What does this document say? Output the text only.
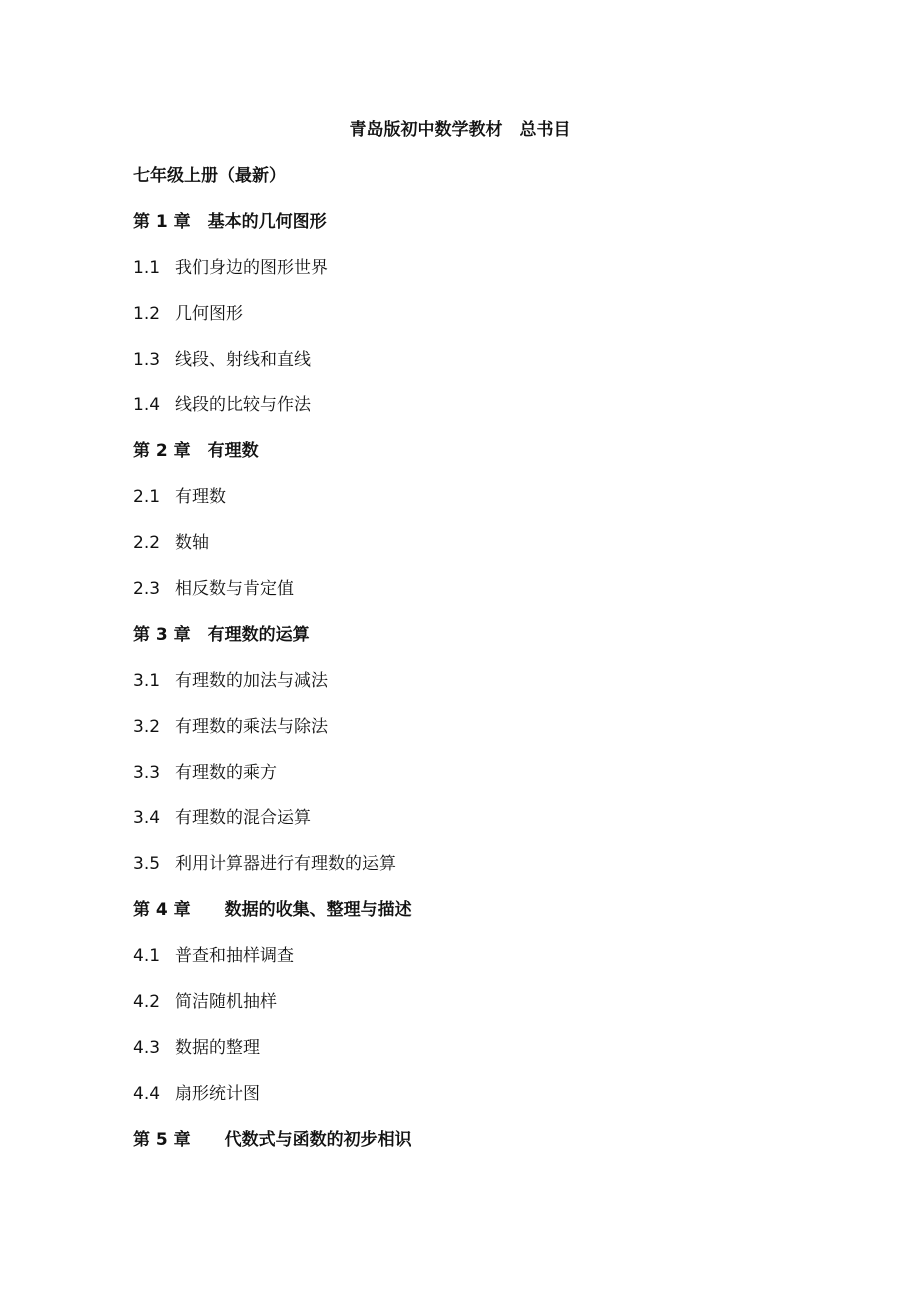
青岛版初中数学教材　总书目
七年级上册（最新）
第 1 章　基本的几何图形
1.1 我们身边的图形世界
1.2 几何图形
1.3 线段、射线和直线
1.4 线段的比较与作法
第 2 章　有理数
2.1 有理数
2.2 数轴
2.3 相反数与肯定值
第 3 章　有理数的运算
3.1 有理数的加法与减法
3.2 有理数的乘法与除法
3.3 有理数的乘方
3.4 有理数的混合运算
3.5 利用计算器进行有理数的运算
第 4 章　　数据的收集、整理与描述
4.1 普查和抽样调查
4.2 简洁随机抽样
4.3 数据的整理
4.4 扇形统计图
第 5 章　　代数式与函数的初步相识
